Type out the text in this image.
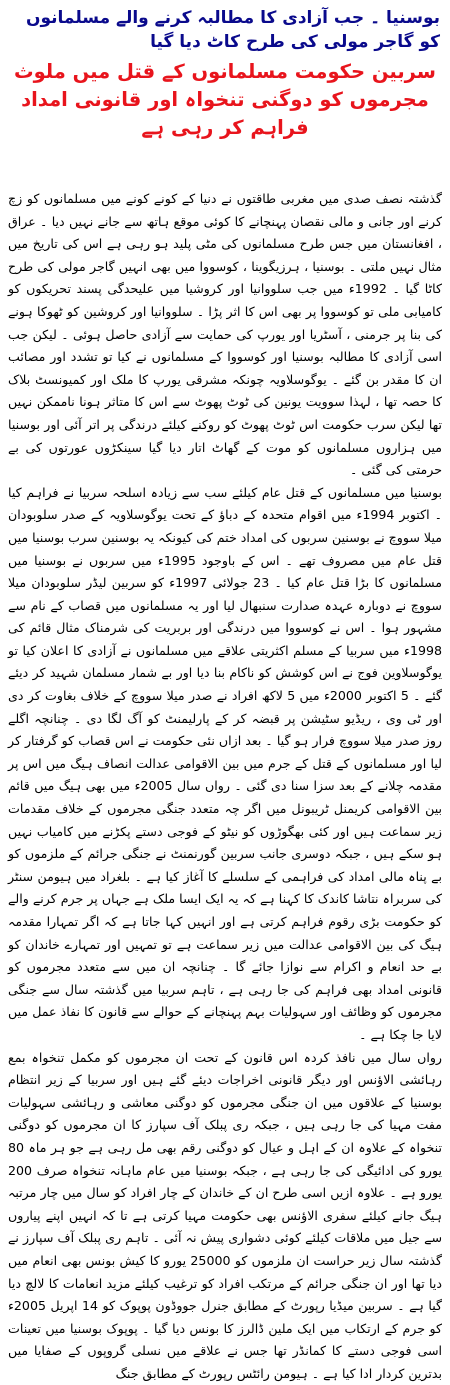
بوسنیا ۔ جب آزادی کا مطالبہ کرنے والے مسلمانوں کو گاجر مولی کی طرح کاٹ دیا گیا
سربین حکومت مسلمانوں کے قتل میں ملوث مجرموں کو دوگنی تنخواہ اور قانونی امداد فراہم کر رہی ہے

گذشتہ نصف صدی میں مغربی طاقتوں نے دنیا کے کونے کونے میں مسلمانوں کو زچ کرنے اور جانی و مالی نقصان پہنچانے کا کوئی موقع ہاتھ سے جانے نہیں دیا ۔ عراق ، افغانستان میں جس طرح مسلمانوں کی مٹی پلید ہو رہی ہے اس کی تاریخ میں مثال نہیں ملتی ۔ بوسنیا ، ہرزیگوینا ، کوسووا میں بھی انہیں گاجر مولی کی طرح کاٹا گیا ۔ 1992ء میں جب سلووانیا اور کروشیا میں علیحدگی پسند تحریکوں کو کامیابی ملی تو کوسووا پر بھی اس کا اثر پڑا ۔ سلووانیا اور کروشین کو ٹھوکا ہونے کی بنا پر جرمنی ، آسٹریا اور یورپ کی حمایت سے آزادی حاصل ہوئی ۔ لیکن جب اسی آزادی کا مطالبہ بوسنیا اور کوسووا کے مسلمانوں نے کیا تو تشدد اور مصائب ان کا مقدر بن گئے ۔ یوگوسلاویہ چونکہ مشرقی یورپ کا ملک اور کمیونسٹ بلاک کا حصہ تھا ، لہذا سوویت یونین کی ٹوٹ پھوٹ سے اس کا متاثر ہونا ناممکن نہیں تھا لیکن سرب حکومت اس ٹوٹ پھوٹ کو روکنے کیلئے درندگی پر اتر آئی اور بوسنیا میں ہزاروں مسلمانوں کو موت کے گھاٹ اتار دیا گیا سینکڑوں عورتوں کی بے حرمتی کی گئی ۔

بوسنیا میں مسلمانوں کے قتل عام کیلئے سب سے زیادہ اسلحہ سربیا نے فراہم کیا ۔ اکتوبر 1994ء میں اقوام متحدہ کے دباؤ کے تحت یوگوسلاویہ کے صدر سلوبودان میلا سووچ نے بوسنین سربوں کی امداد ختم کی کیونکہ یہ بوسنین سرب بوسنیا میں قتل عام میں مصروف تھے ۔ اس کے باوجود 1995ء میں سربوں نے بوسنیا میں مسلمانوں کا بڑا قتل عام کیا ۔ 23 جولائی 1997ء کو سربین لیڈر سلوبودان میلا سووچ نے دوبارہ عہدہ صدارت سنبھال لیا اور یہ مسلمانوں میں قصاب کے نام سے مشہور ہوا ۔ اس نے کوسووا میں درندگی اور بربریت کی شرمناک مثال قائم کی 1998ء میں سربیا کے مسلم اکثریتی علاقے میں مسلمانوں نے آزادی کا اعلان کیا تو یوگوسلاوین فوج نے اس کوشش کو ناکام بنا دیا اور بے شمار مسلمان شہید کر دیئے گئے ۔ 5 اکتوبر 2000ء میں 5 لاکھ افراد نے صدر میلا سووچ کے خلاف بغاوت کر دی اور ٹی وی ، ریڈیو سٹیشن پر قبضہ کر کے پارلیمنٹ کو آگ لگا دی ۔ چنانچہ اگلے روز صدر میلا سووچ فرار ہو گیا ۔ بعد ازاں نئی حکومت نے اس قصاب کو گرفتار کر لیا اور مسلمانوں کے قتل کے جرم میں بین الاقوامی عدالت انصاف ہیگ میں اس پر مقدمہ چلانے کے بعد سزا سنا دی گئی ۔ رواں سال 2005ء میں بھی ہیگ میں قائم بین الاقوامی کریمنل ٹریبونل میں اگر چہ متعدد جنگی مجرموں کے خلاف مقدمات زیر سماعت ہیں اور کئی بھگوڑوں کو نیٹو کے فوجی دستے پکڑنے میں کامیاب نہیں ہو سکے ہیں ، جبکہ دوسری جانب سربین گورنمنٹ نے جنگی جرائم کے ملزموں کو بے پناہ مالی امداد کی فراہمی کے سلسلے کا آغاز کیا ہے ۔ بلغراد میں ہیومن سنٹر کی سربراہ نتاشا کاندک کا کہنا ہے کہ یہ ایک ایسا ملک ہے جہاں پر جرم کرنے والے کو حکومت بڑی رقوم فراہم کرتی ہے اور انہیں کہا جاتا ہے کہ اگر تمہارا مقدمہ ہیگ کی بین الاقوامی عدالت میں زیر سماعت ہے تو تمہیں اور تمہارے خاندان کو بے حد انعام و اکرام سے نوازا جائے گا ۔ چنانچہ ان میں سے متعدد مجرموں کو قانونی امداد بھی فراہم کی جا رہی ہے ، تاہم سربیا میں گذشتہ سال سے جنگی مجرموں کو وظائف اور سہولیات بہم پہنچانے کے حوالے سے قانون کا نفاذ عمل میں لایا جا چکا ہے ۔

رواں سال میں نافذ کردہ اس قانون کے تحت ان مجرموں کو مکمل تنخواہ بمع رہائشی الاؤنس اور دیگر قانونی اخراجات دیئے گئے ہیں اور سربیا کے زیر انتظام بوسنیا کے علاقوں میں ان جنگی مجرموں کو دوگنی معاشی و رہائشی سہولیات مفت مہیا کی جا رہی ہیں ، جبکہ ری پبلک آف سپارز کا ان مجرموں کو دوگنی تنخواہ کے علاوہ ان کے اہل و عیال کو دوگنی رقم بھی مل رہی ہے جو ہر ماہ 80 یورو کی ادائیگی کی جا رہی ہے ، جبکہ بوسنیا میں عام ماہانہ تنخواہ صرف 200 یورو ہے ۔ علاوہ ازیں اسی طرح ان کے خاندان کے چار افراد کو سال میں چار مرتبہ ہیگ جانے کیلئے سفری الاؤنس بھی حکومت مہیا کرتی ہے تا کہ انہیں اپنے پیاروں سے جیل میں ملاقات کیلئے کوئی دشواری پیش نہ آئی ۔ تاہم ری پبلک آف سپارز نے گذشتہ سال زیر حراست ان ملزموں کو 25000 یورو کا کیش بونس بھی انعام میں دیا تھا اور ان جنگی جرائم کے مرتکب افراد کو ترغیب کیلئے مزید انعامات کا لالچ دیا گیا ہے ۔ سربین میڈیا رپورٹ کے مطابق جنرل جووڈون پوپوک کو 14 اپریل 2005ء کو جرم کے ارتکاب میں ایک ملین ڈالرز کا بونس دیا گیا ۔ پوپوک بوسنیا میں تعینات اسی فوجی دستے کا کمانڈر تھا جس نے علاقے میں نسلی گروپوں کے صفایا میں بدترین کردار ادا کیا ہے ۔ ہیومن رائٹس رپورٹ کے مطابق جنگ
